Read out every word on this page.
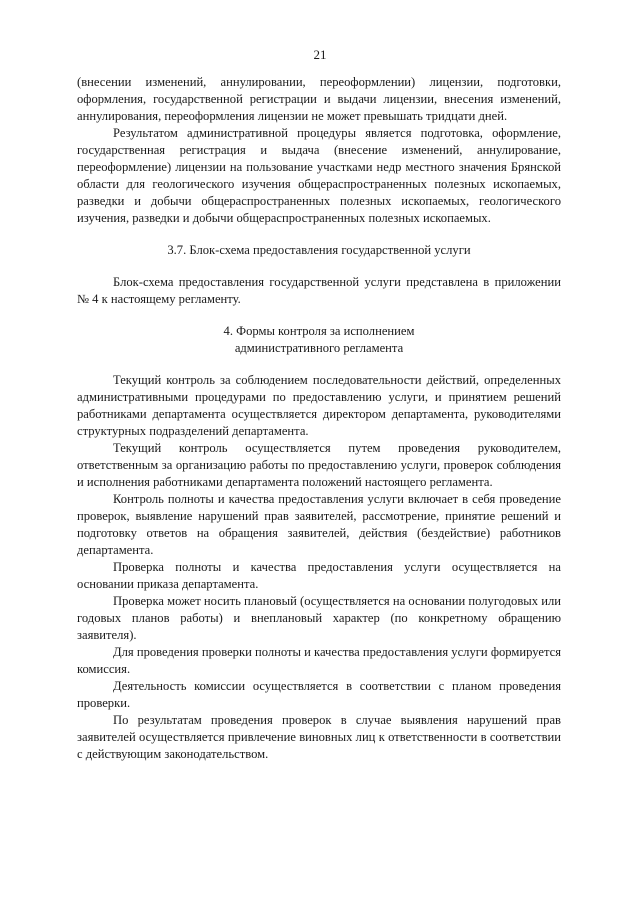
21

(внесении изменений, аннулировании, переоформлении) лицензии, подготовки, оформления, государственной регистрации и выдачи лицензии, внесения изменений, аннулирования, переоформления лицензии не может превышать тридцати дней.

Результатом административной процедуры является подготовка, оформление, государственная регистрация и выдача (внесение изменений, аннулирование, переоформление) лицензии на пользование участками недр местного значения Брянской области для геологического изучения общераспространенных полезных ископаемых, разведки и добычи общераспространенных полезных ископаемых, геологического изучения, разведки и добычи общераспространенных полезных ископаемых.

3.7. Блок-схема предоставления государственной услуги

Блок-схема предоставления государственной услуги представлена в приложении № 4 к настоящему регламенту.

4. Формы контроля за исполнением

административного регламента

Текущий контроль за соблюдением последовательности действий, определенных административными процедурами по предоставлению услуги, и принятием решений работниками департамента осуществляется директором департамента, руководителями структурных подразделений департамента.

Текущий контроль осуществляется путем проведения руководителем, ответственным за организацию работы по предоставлению услуги, проверок соблюдения и исполнения работниками департамента положений настоящего регламента.

Контроль полноты и качества предоставления услуги включает в себя проведение проверок, выявление нарушений прав заявителей, рассмотрение, принятие решений и подготовку ответов на обращения заявителей, действия (бездействие) работников департамента.

Проверка полноты и качества предоставления услуги осуществляется на основании приказа департамента.

Проверка может носить плановый (осуществляется на основании полугодовых или годовых планов работы) и внеплановый характер (по конкретному обращению заявителя).

Для проведения проверки полноты и качества предоставления услуги формируется комиссия.

Деятельность комиссии осуществляется в соответствии с планом проведения проверки.

По результатам проведения проверок в случае выявления нарушений прав заявителей осуществляется привлечение виновных лиц к ответственности в соответствии с действующим законодательством.
